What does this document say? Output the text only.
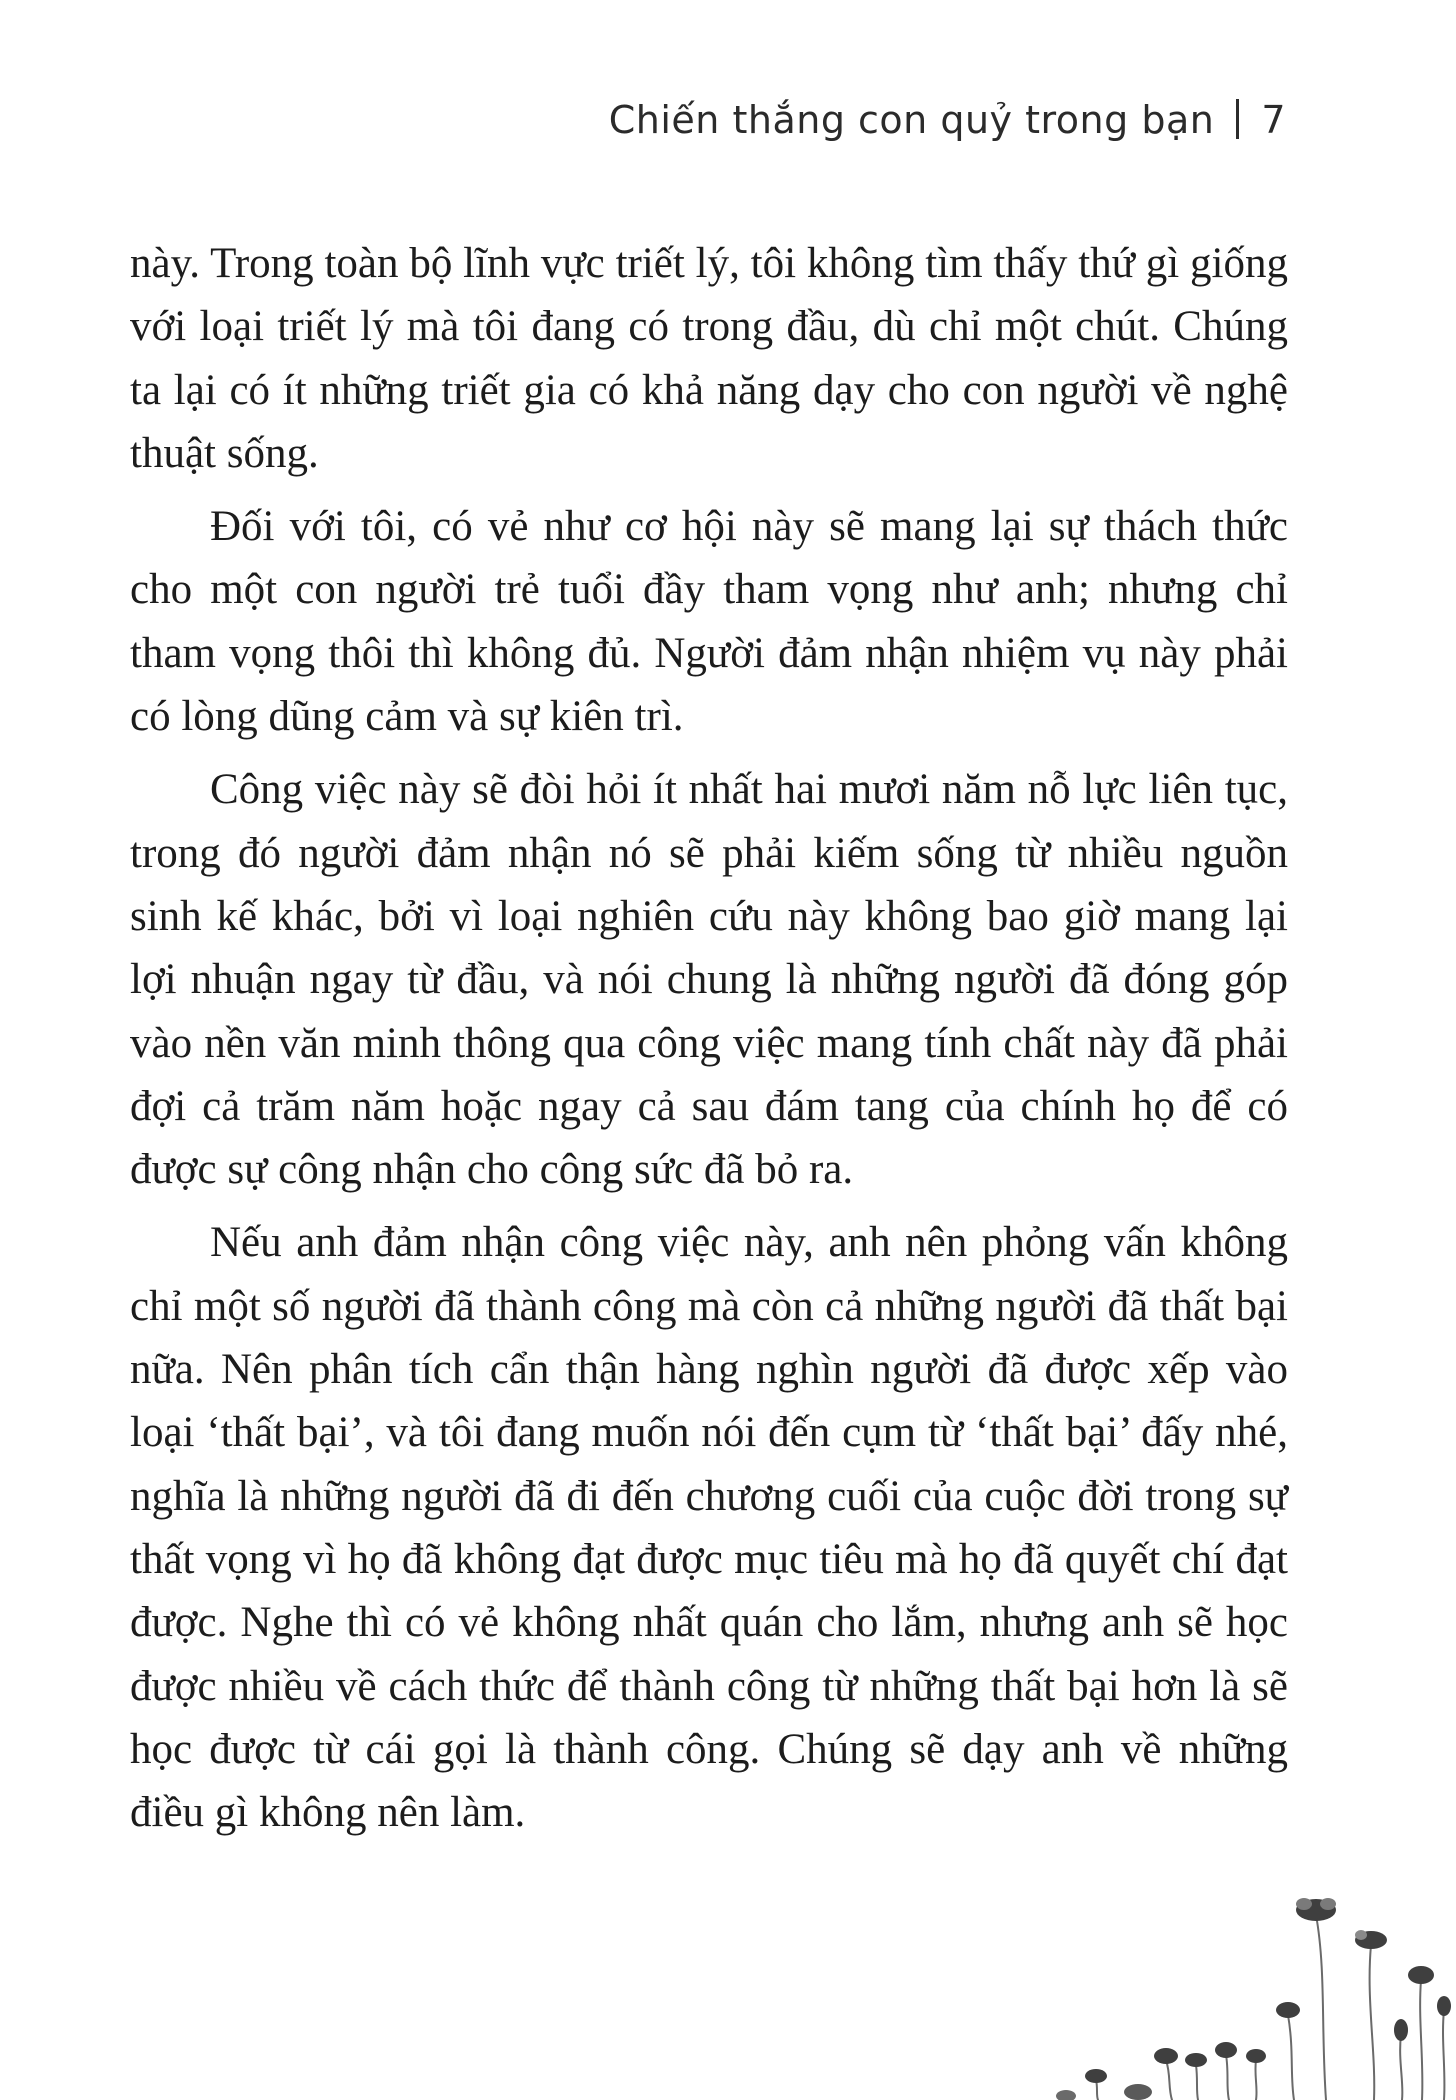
Chiến thắng con quỷ trong bạn 7

này. Trong toàn bộ lĩnh vực triết lý, tôi không tìm thấy thứ gì giống với loại triết lý mà tôi đang có trong đầu, dù chỉ một chút. Chúng ta lại có ít những triết gia có khả năng dạy cho con người về nghệ thuật sống.

Đối với tôi, có vẻ như cơ hội này sẽ mang lại sự thách thức cho một con người trẻ tuổi đầy tham vọng như anh; nhưng chỉ tham vọng thôi thì không đủ. Người đảm nhận nhiệm vụ này phải có lòng dũng cảm và sự kiên trì.

Công việc này sẽ đòi hỏi ít nhất hai mươi năm nỗ lực liên tục, trong đó người đảm nhận nó sẽ phải kiếm sống từ nhiều nguồn sinh kế khác, bởi vì loại nghiên cứu này không bao giờ mang lại lợi nhuận ngay từ đầu, và nói chung là những người đã đóng góp vào nền văn minh thông qua công việc mang tính chất này đã phải đợi cả trăm năm hoặc ngay cả sau đám tang của chính họ để có được sự công nhận cho công sức đã bỏ ra.

Nếu anh đảm nhận công việc này, anh nên phỏng vấn không chỉ một số người đã thành công mà còn cả những người đã thất bại nữa. Nên phân tích cẩn thận hàng nghìn người đã được xếp vào loại ‘thất bại’, và tôi đang muốn nói đến cụm từ ‘thất bại’ đấy nhé, nghĩa là những người đã đi đến chương cuối của cuộc đời trong sự thất vọng vì họ đã không đạt được mục tiêu mà họ đã quyết chí đạt được. Nghe thì có vẻ không nhất quán cho lắm, nhưng anh sẽ học được nhiều về cách thức để thành công từ những thất bại hơn là sẽ học được từ cái gọi là thành công. Chúng sẽ dạy anh về những điều gì không nên làm.
